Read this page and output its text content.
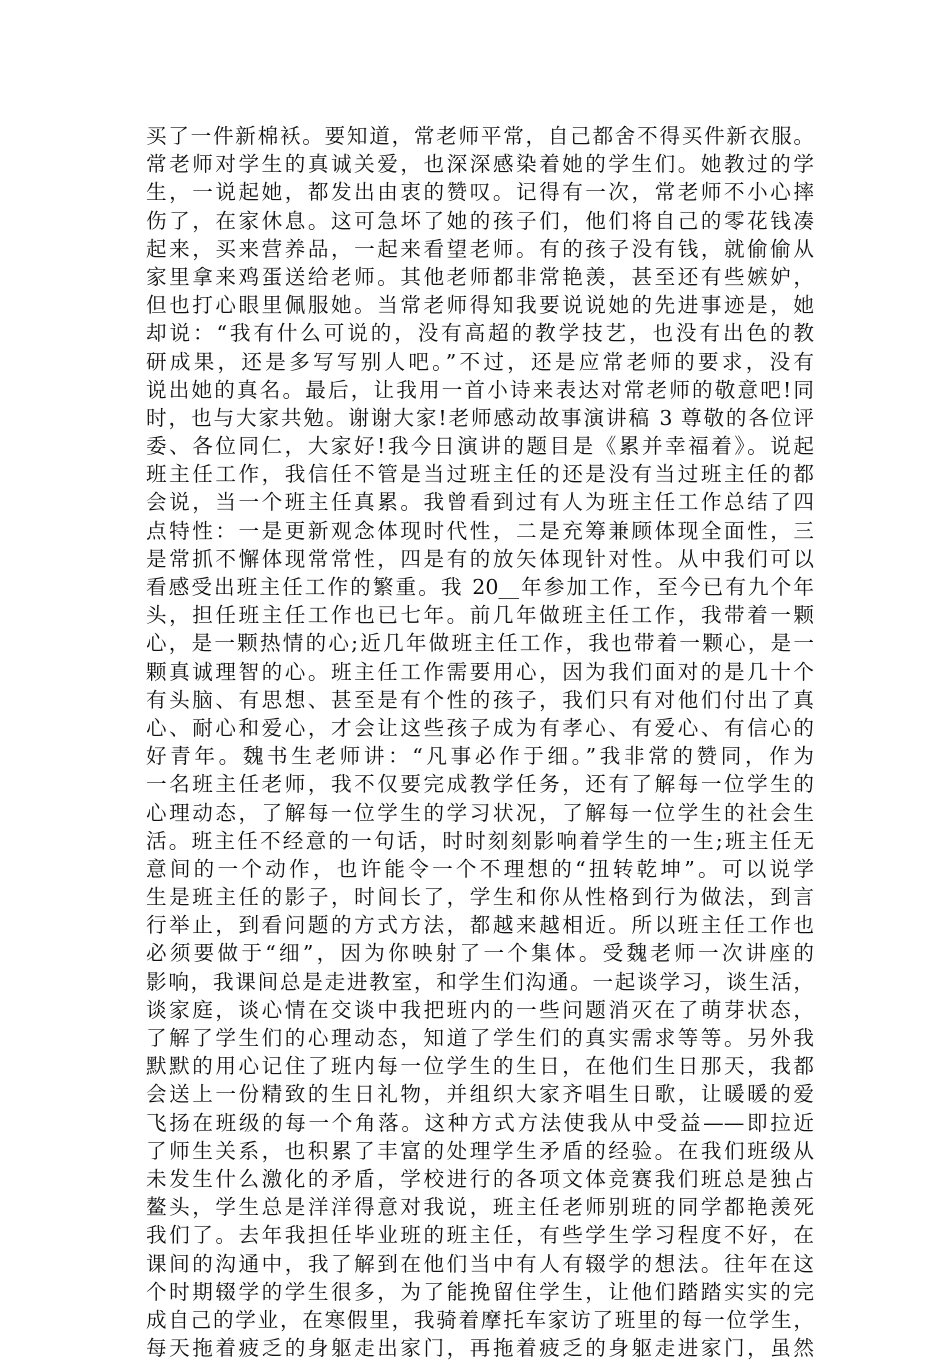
买了一件新棉袄。要知道，常老师平常，自己都舍不得买件新衣服。
常老师对学生的真诚关爱，也深深感染着她的学生们。她教过的学
生，一说起她，都发出由衷的赞叹。记得有一次，常老师不小心摔
伤了，在家休息。这可急坏了她的孩子们，他们将自己的零花钱凑
起来，买来营养品，一起来看望老师。有的孩子没有钱，就偷偷从
家里拿来鸡蛋送给老师。其他老师都非常艳羡，甚至还有些嫉妒，
但也打心眼里佩服她。当常老师得知我要说说她的先进事迹是，她
却说：“我有什么可说的，没有高超的教学技艺，也没有出色的教
研成果，还是多写写别人吧。”不过，还是应常老师的要求，没有
说出她的真名。最后，让我用一首小诗来表达对常老师的敬意吧!同
时，也与大家共勉。谢谢大家!老师感动故事演讲稿 3 尊敬的各位评
委、各位同仁，大家好!我今日演讲的题目是《累并幸福着》。说起
班主任工作，我信任不管是当过班主任的还是没有当过班主任的都
会说，当一个班主任真累。我曾看到过有人为班主任工作总结了四
点特性：一是更新观念体现时代性，二是充筹兼顾体现全面性，三
是常抓不懈体现常常性，四是有的放矢体现针对性。从中我们可以
看感受出班主任工作的繁重。我 20__年参加工作，至今已有九个年
头，担任班主任工作也已七年。前几年做班主任工作，我带着一颗
心，是一颗热情的心;近几年做班主任工作，我也带着一颗心，是一
颗真诚理智的心。班主任工作需要用心，因为我们面对的是几十个
有头脑、有思想、甚至是有个性的孩子，我们只有对他们付出了真
心、耐心和爱心，才会让这些孩子成为有孝心、有爱心、有信心的
好青年。魏书生老师讲：“凡事必作于细。”我非常的赞同，作为
一名班主任老师，我不仅要完成教学任务，还有了解每一位学生的
心理动态，了解每一位学生的学习状况，了解每一位学生的社会生
活。班主任不经意的一句话，时时刻刻影响着学生的一生;班主任无
意间的一个动作，也许能令一个不理想的“扭转乾坤”。可以说学
生是班主任的影子，时间长了，学生和你从性格到行为做法，到言
行举止，到看问题的方式方法，都越来越相近。所以班主任工作也
必须要做于“细”，因为你映射了一个集体。受魏老师一次讲座的
影响，我课间总是走进教室，和学生们沟通。一起谈学习，谈生活，
谈家庭，谈心情在交谈中我把班内的一些问题消灭在了萌芽状态，
了解了学生们的心理动态，知道了学生们的真实需求等等。另外我
默默的用心记住了班内每一位学生的生日，在他们生日那天，我都
会送上一份精致的生日礼物，并组织大家齐唱生日歌，让暖暖的爱
飞扬在班级的每一个角落。这种方式方法使我从中受益——即拉近
了师生关系，也积累了丰富的处理学生矛盾的经验。在我们班级从
未发生什么激化的矛盾，学校进行的各项文体竞赛我们班总是独占
鳌头，学生总是洋洋得意对我说，班主任老师别班的同学都艳羡死
我们了。去年我担任毕业班的班主任，有些学生学习程度不好，在
课间的沟通中，我了解到在他们当中有人有辍学的想法。往年在这
个时期辍学的学生很多，为了能挽留住学生，让他们踏踏实实的完
成自己的学业，在寒假里，我骑着摩托车家访了班里的每一位学生，
每天拖着疲乏的身躯走出家门，再拖着疲乏的身躯走进家门，虽然
